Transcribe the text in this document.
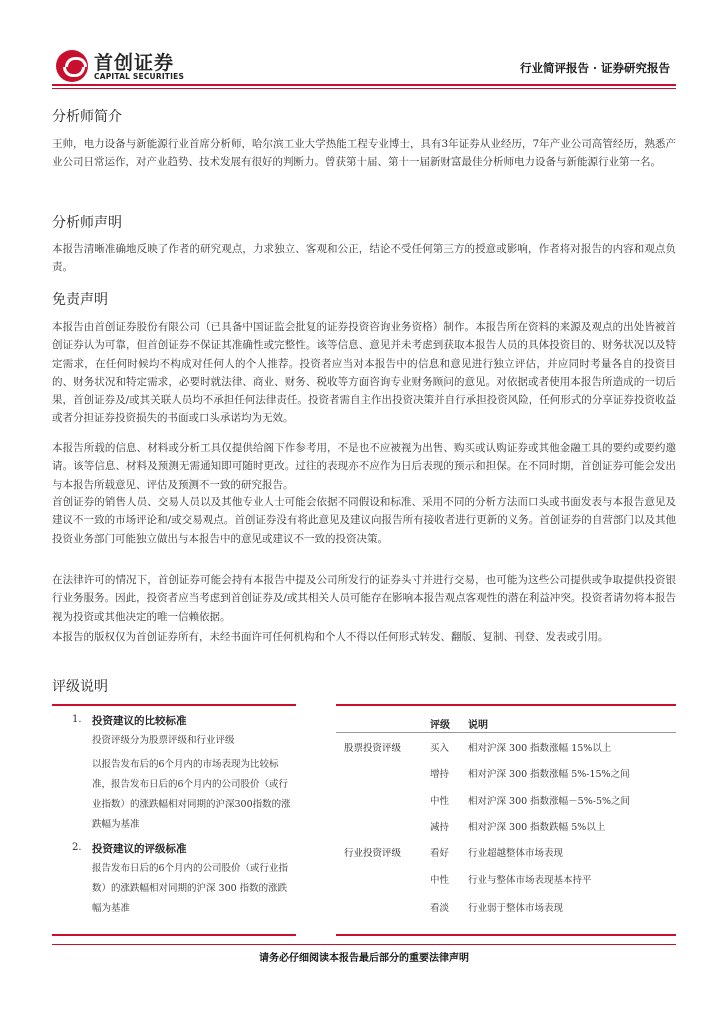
首创证券
CAPITAL SECURITIES
行业简评报告 · 证券研究报告
分析师简介

王帅，电力设备与新能源行业首席分析师，哈尔滨工业大学热能工程专业博士，具有3年证券从业经历，7年产业公司高管经历，熟悉产业公司日常运作，对产业趋势、技术发展有很好的判断力。曾获第十届、第十一届新财富最佳分析师电力设备与新能源行业第一名。

分析师声明

本报告清晰准确地反映了作者的研究观点，力求独立、客观和公正，结论不受任何第三方的授意或影响，作者将对报告的内容和观点负责。

免责声明

本报告由首创证券股份有限公司（已具备中国证监会批复的证券投资咨询业务资格）制作。本报告所在资料的来源及观点的出处皆被首创证券认为可靠，但首创证券不保证其准确性或完整性。该等信息、意见并未考虑到获取本报告人员的具体投资目的、财务状况以及特定需求，在任何时候均不构成对任何人的个人推荐。投资者应当对本报告中的信息和意见进行独立评估，并应同时考量各自的投资目的、财务状况和特定需求，必要时就法律、商业、财务、税收等方面咨询专业财务顾问的意见。对依据或者使用本报告所造成的一切后果，首创证券及/或其关联人员均不承担任何法律责任。投资者需自主作出投资决策并自行承担投资风险，任何形式的分享证券投资收益或者分担证券投资损失的书面或口头承诺均为无效。

本报告所载的信息、材料或分析工具仅提供给阁下作参考用，不是也不应被视为出售、购买或认购证券或其他金融工具的要约或要约邀请。该等信息、材料及预测无需通知即可随时更改。过往的表现亦不应作为日后表现的预示和担保。在不同时期，首创证券可能会发出与本报告所载意见、评估及预测不一致的研究报告。

首创证券的销售人员、交易人员以及其他专业人士可能会依据不同假设和标准、采用不同的分析方法而口头或书面发表与本报告意见及建议不一致的市场评论和/或交易观点。首创证券没有将此意见及建议向报告所有接收者进行更新的义务。首创证券的自营部门以及其他投资业务部门可能独立做出与本报告中的意见或建议不一致的投资决策。

在法律许可的情况下，首创证券可能会持有本报告中提及公司所发行的证券头寸并进行交易，也可能为这些公司提供或争取提供投资银行业务服务。因此，投资者应当考虑到首创证券及/或其相关人员可能存在影响本报告观点客观性的潜在利益冲突。投资者请勿将本报告视为投资或其他决定的唯一信赖依据。

本报告的版权仅为首创证券所有，未经书面许可任何机构和个人不得以任何形式转发、翻版、复制、刊登、发表或引用。

评级说明
1. 投资建议的比较标准
投资评级分为股票评级和行业评级

以报告发布后的6个月内的市场表现为比较标准，报告发布日后的6个月内的公司股价（或行业指数）的涨跌幅相对同期的沪深300指数的涨跌幅为基准

2. 投资建议的评级标准

报告发布日后的6个月内的公司股价（或行业指数）的涨跌幅相对同期的沪深 300 指数的涨跌幅为基准

评级 说明
股票投资评级	买入 相对沪深 300 指数涨幅 15%以上
增持 相对沪深 300 指数涨幅 5%-15%之间
中性 相对沪深 300 指数涨幅－5%-5%之间
减持 相对沪深 300 指数跌幅 5%以上
行业投资评级	看好 行业超越整体市场表现
中性 行业与整体市场表现基本持平
看淡 行业弱于整体市场表现
请务必仔细阅读本报告最后部分的重要法律声明
